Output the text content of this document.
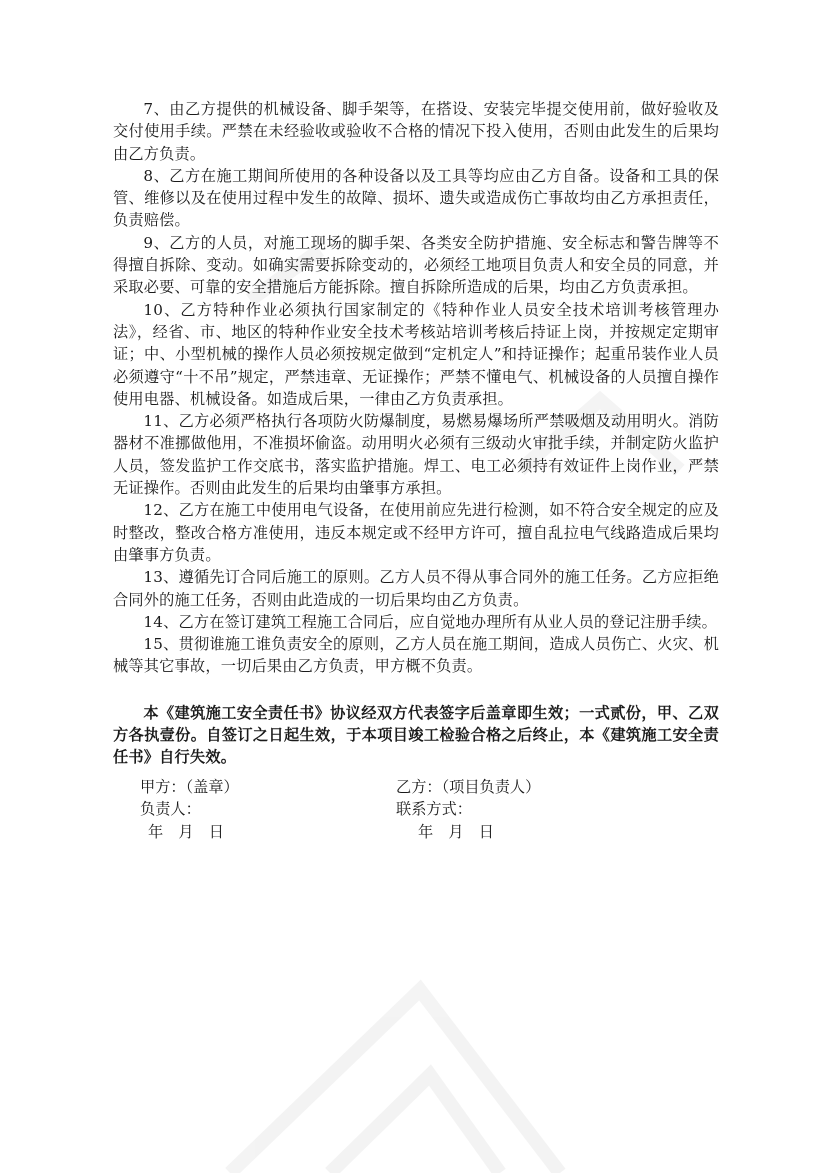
7、由乙方提供的机械设备、脚手架等，在搭设、安装完毕提交使用前，做好验收及交付使用手续。严禁在未经验收或验收不合格的情况下投入使用，否则由此发生的后果均由乙方负责。

8、乙方在施工期间所使用的各种设备以及工具等均应由乙方自备。设备和工具的保管、维修以及在使用过程中发生的故障、损坏、遗失或造成伤亡事故均由乙方承担责任，负责赔偿。

9、乙方的人员，对施工现场的脚手架、各类安全防护措施、安全标志和警告牌等不得擅自拆除、变动。如确实需要拆除变动的，必须经工地项目负责人和安全员的同意，并采取必要、可靠的安全措施后方能拆除。擅自拆除所造成的后果，均由乙方负责承担。

10、乙方特种作业必须执行国家制定的《特种作业人员安全技术培训考核管理办法》，经省、市、地区的特种作业安全技术考核站培训考核后持证上岗，并按规定定期审证；中、小型机械的操作人员必须按规定做到“定机定人”和持证操作；起重吊装作业人员必须遵守“十不吊”规定，严禁违章、无证操作；严禁不懂电气、机械设备的人员擅自操作使用电器、机械设备。如造成后果，一律由乙方负责承担。

11、乙方必须严格执行各项防火防爆制度，易燃易爆场所严禁吸烟及动用明火。消防器材不准挪做他用，不准损坏偷盗。动用明火必须有三级动火审批手续，并制定防火监护人员，签发监护工作交底书，落实监护措施。焊工、电工必须持有效证件上岗作业，严禁无证操作。否则由此发生的后果均由肇事方承担。

12、乙方在施工中使用电气设备，在使用前应先进行检测，如不符合安全规定的应及时整改，整改合格方准使用，违反本规定或不经甲方许可，擅自乱拉电气线路造成后果均由肇事方负责。

13、遵循先订合同后施工的原则。乙方人员不得从事合同外的施工任务。乙方应拒绝合同外的施工任务，否则由此造成的一切后果均由乙方负责。

14、乙方在签订建筑工程施工合同后，应自觉地办理所有从业人员的登记注册手续。

15、贯彻谁施工谁负责安全的原则，乙方人员在施工期间，造成人员伤亡、火灾、机械等其它事故，一切后果由乙方负责，甲方概不负责。

本《建筑施工安全责任书》协议经双方代表签字后盖章即生效；一式贰份，甲、乙双方各执壹份。自签订之日起生效，于本项目竣工检验合格之后终止，本《建筑施工安全责任书》自行失效。

甲方：（盖章）	乙方：（项目负责人）
负责人：	联系方式：
年　月　日	年　月　日
